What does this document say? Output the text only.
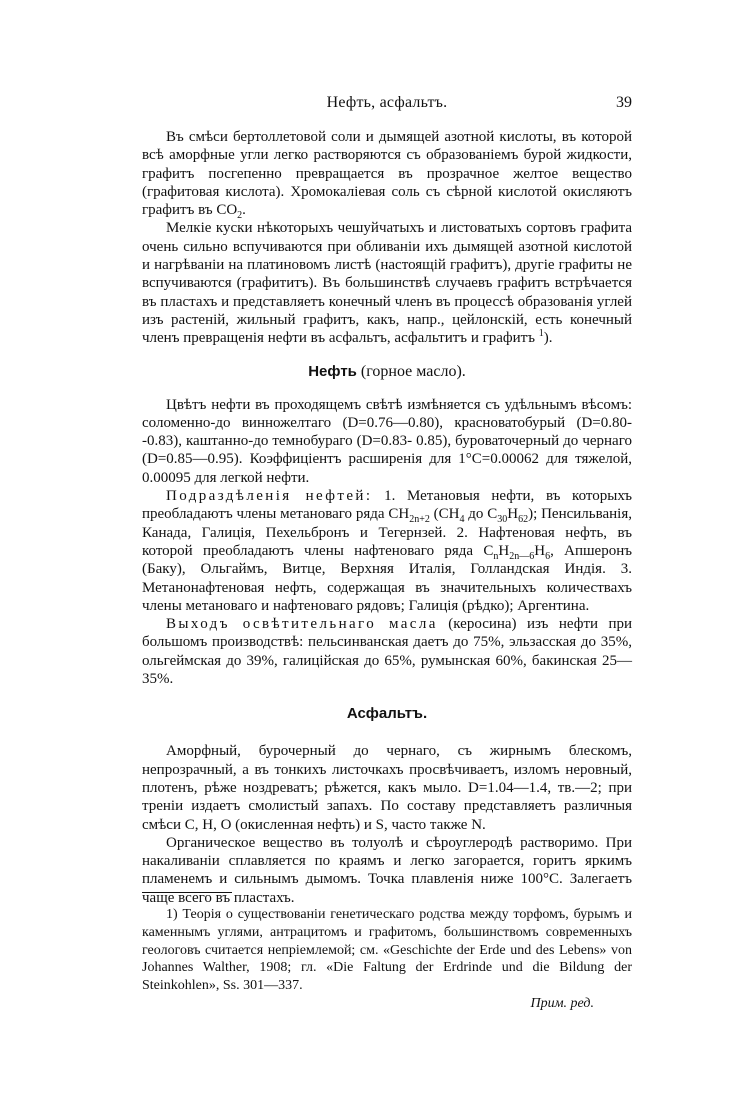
Нефть, асфальтъ.	39

Въ смѣси бертоллетовой соли и дымящей азотной кислоты, въ которой всѣ аморфные угли легко растворяются съ образованіемъ бурой жидкости, графитъ посгепенно превращается въ прозрачное желтое вещество (графитовая кислота). Хромокаліевая соль съ сѣрной кислотой окисляютъ графитъ въ $CO_2$.

Мелкіе куски нѣкоторыхъ чешуйчатыхъ и листоватыхъ сортовъ графита очень сильно вспучиваются при обливаніи ихъ дымящей азотной кислотой и нагрѣваніи на платиновомъ листѣ (настоящій графитъ), другіе графиты не вспучиваются (графититъ). Въ большинствѣ случаевъ графитъ встрѣчается въ пластахъ и представляетъ конечный членъ въ процессѣ образованія углей изъ растеній, жильный графитъ, какъ, напр., цейлонскій, есть конечный членъ превращенія нефти въ асфальтъ, асфальтитъ и графитъ $^1$).

Нефть (горное масло).

Цвѣтъ нефти въ проходящемъ свѣтѣ измѣняется съ удѣльнымъ вѣсомъ: соломенно-до винножелтаго (D=0.76—0.80), красноватобурый (D=0.80--0.83), каштанно-до темнобураго (D=0.83- 0.85), буроваточерный до чернаго (D=0.85—0.95). Коэффиціентъ расширенія для 1°C=0.00062 для тяжелой, 0.00095 для легкой нефти.

Подраздѣленія нефтей: 1. Метановыя нефти, въ которыхъ преобладаютъ члены метановаго ряда $CH_{2n+2}$ ($CH_4$ до $C_{30}H_{62}$); Пенсильванія, Канада, Галиція, Пехельбронъ и Тегернзей. 2. Нафтеновая нефть, въ которой преобладаютъ члены нафтеноваго ряда $C_nH_{2n—6}H_6$, Апшеронъ (Баку), Ольгаймъ, Витце, Верхняя Италія, Голландская Индія. 3. Метанонафтеновая нефть, содержащая въ значительныхъ количествахъ члены метановаго и нафтеноваго рядовъ; Галиція (рѣдко); Аргентина.

Выходъ освѣтительнаго масла (керосина) изъ нефти при большомъ производствѣ: пельсинванская даетъ до 75%, эльзасская до 35%, ольгеймская до 39%, галиційская до 65%, румынская 60%, бакинская 25—35%.

Асфальтъ.

Аморфный, бурочерный до чернаго, съ жирнымъ блескомъ, непрозрачный, а въ тонкихъ листочкахъ просвѣчиваетъ, изломъ неровный, плотенъ, рѣже ноздреватъ; рѣжется, какъ мыло. D=1.04—1.4, тв.—2; при треніи издаетъ смолистый запахъ. По составу представляетъ различныя смѣси C, H, O (окисленная нефть) и S, часто также N.

Органическое вещество въ толуолѣ и сѣроуглеродѣ растворимо. При накаливаніи сплавляется по краямъ и легко загорается, горитъ яркимъ пламенемъ и сильнымъ дымомъ. Точка плавленія ниже 100°C. Залегаетъ чаще всего въ пластахъ.

1) Теорія о существованіи генетическаго родства между торфомъ, бурымъ и каменнымъ углями, антрацитомъ и графитомъ, большинствомъ современныхъ геологовъ считается непріемлемой; см. «Geschichte der Erde und des Lebens» von Johannes Walther, 1908; гл. «Die Faltung der Erdrinde und die Bildung der Steinkohlen», Ss. 301—337.

Прим. ред.
